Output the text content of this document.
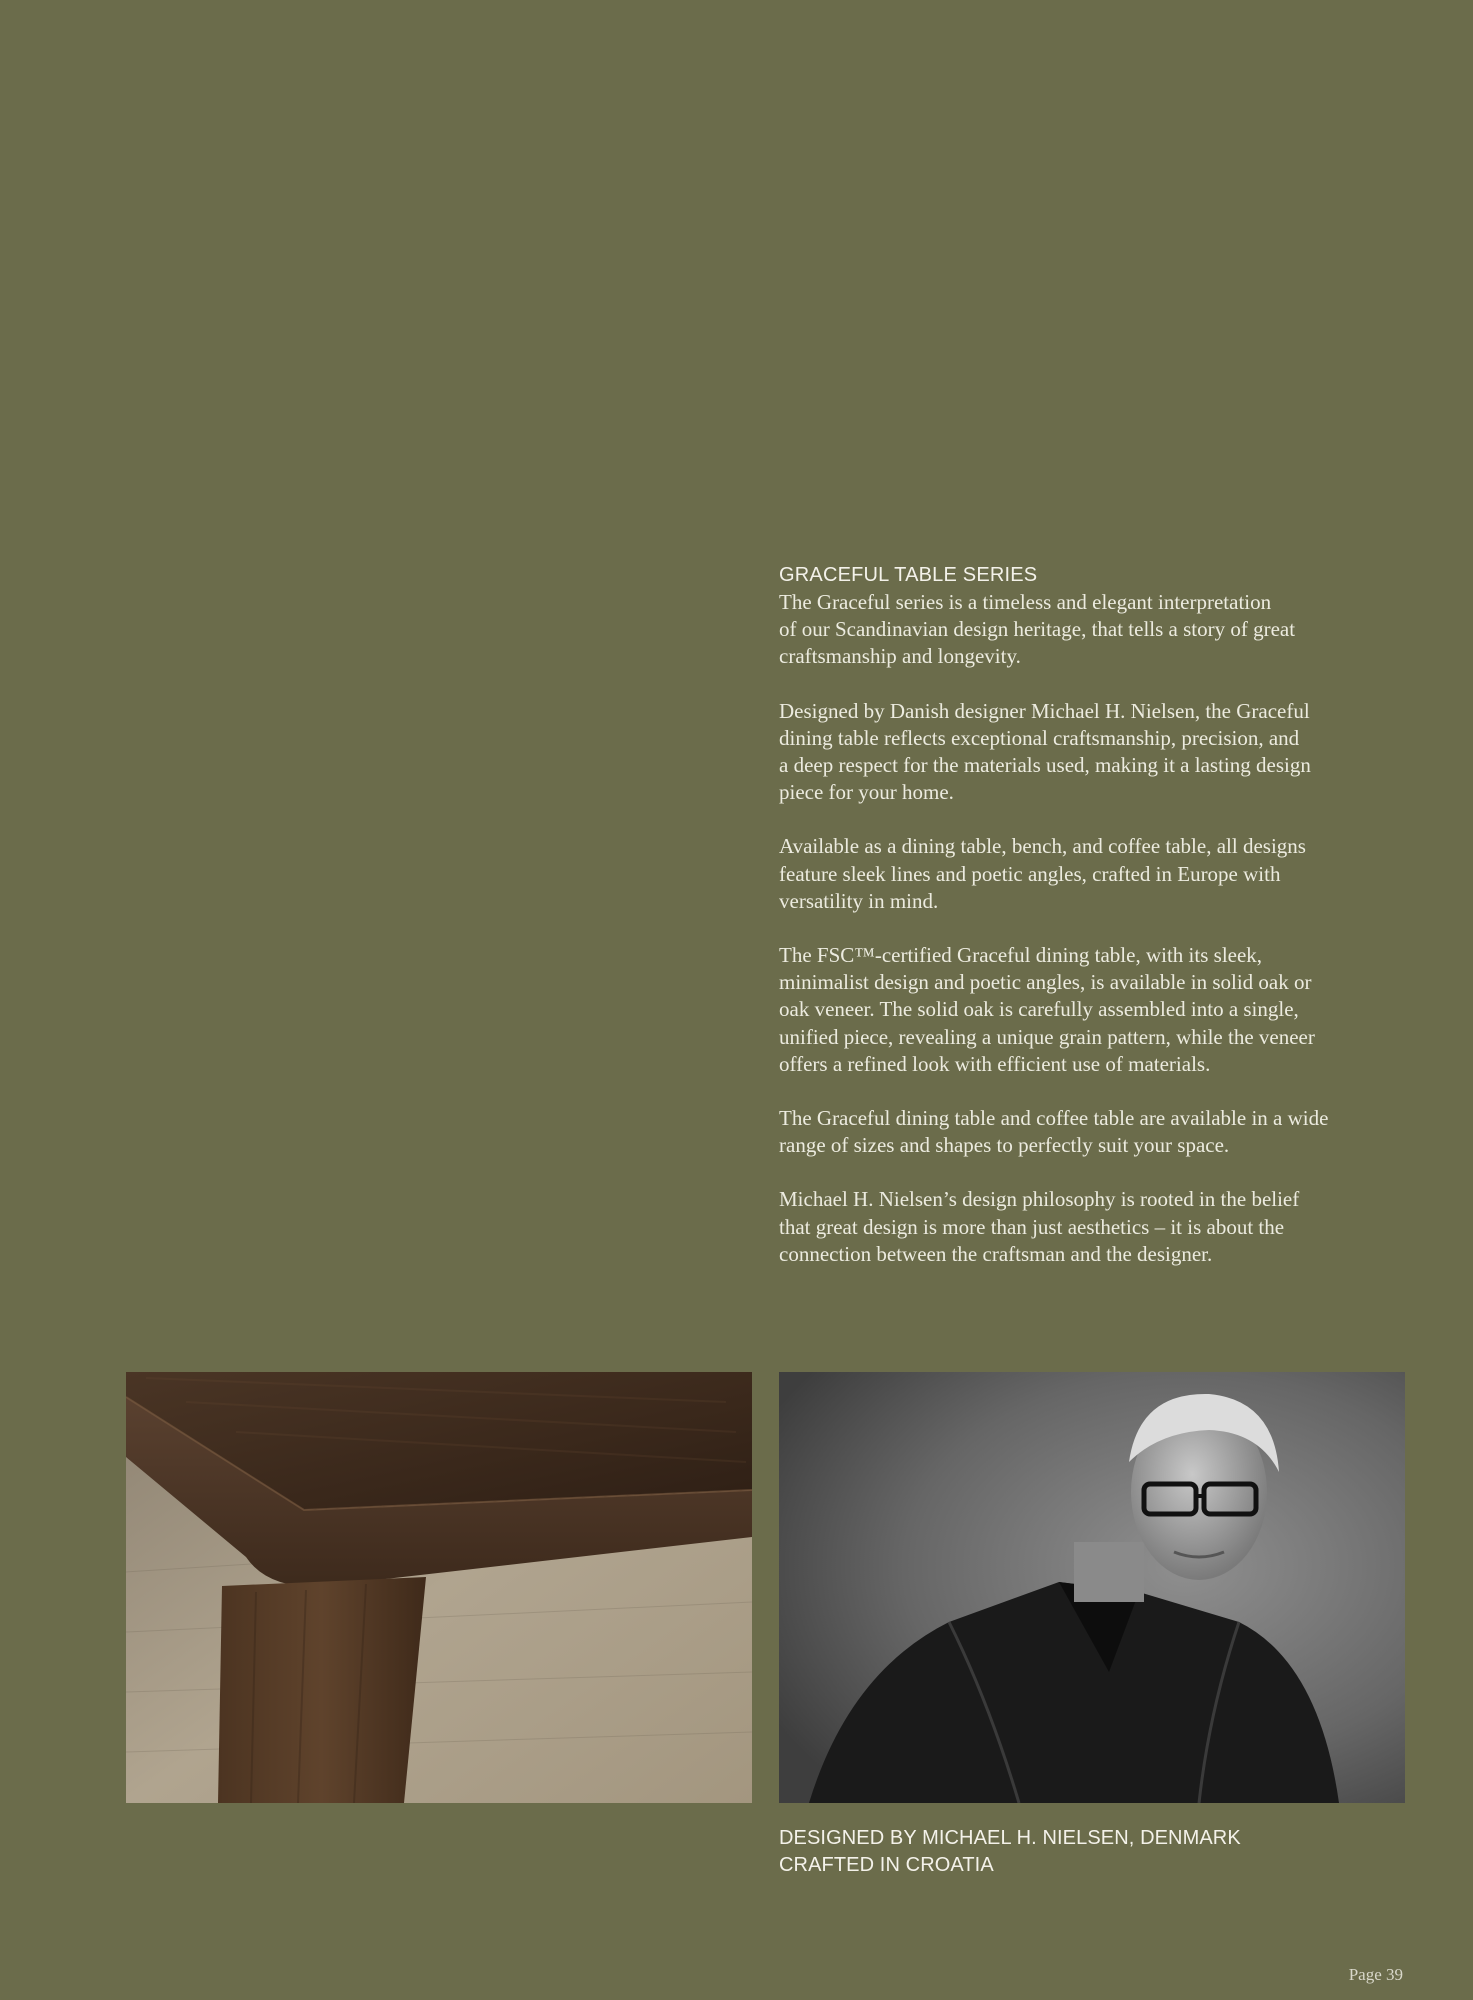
GRACEFUL TABLE SERIES

The Graceful series is a timeless and elegant interpretation
of our Scandinavian design heritage, that tells a story of great
craftsmanship and longevity.

Designed by Danish designer Michael H. Nielsen, the Graceful
dining table reflects exceptional craftsmanship, precision, and
a deep respect for the materials used, making it a lasting design
piece for your home.

Available as a dining table, bench, and coffee table, all designs
feature sleek lines and poetic angles, crafted in Europe with
versatility in mind.

The FSC™-certified Graceful dining table, with its sleek,
minimalist design and poetic angles, is available in solid oak or
oak veneer. The solid oak is carefully assembled into a single,
unified piece, revealing a unique grain pattern, while the veneer
offers a refined look with efficient use of materials.

The Graceful dining table and coffee table are available in a wide
range of sizes and shapes to perfectly suit your space.

Michael H. Nielsen’s design philosophy is rooted in the belief
that great design is more than just aesthetics – it is about the
connection between the craftsman and the designer.

DESIGNED BY MICHAEL H. NIELSEN, DENMARK
CRAFTED IN CROATIA
Page 39
